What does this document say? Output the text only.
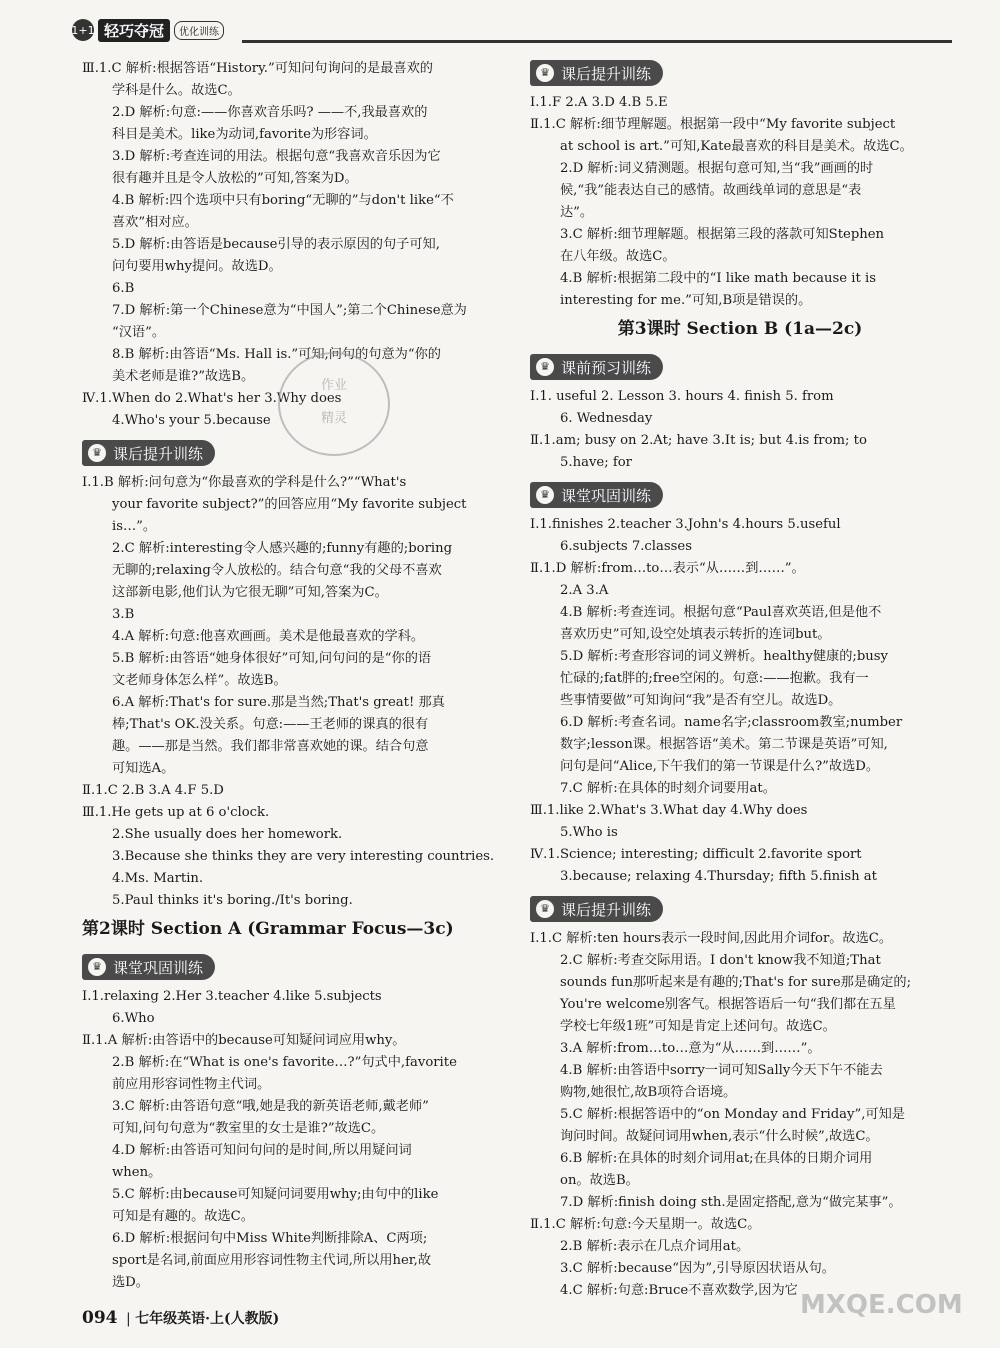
1+1 轻巧夺冠	优化训练
Ⅲ.1.C 解析:根据答语“History.”可知问句询问的是最喜欢的
学科是什么。故选C。
2.D 解析:句意:——你喜欢音乐吗? ——不,我最喜欢的
科目是美术。like为动词,favorite为形容词。
3.D 解析:考查连词的用法。根据句意“我喜欢音乐因为它
很有趣并且是令人放松的”可知,答案为D。
4.B 解析:四个选项中只有boring“无聊的”与don't like“不
喜欢”相对应。
5.D 解析:由答语是because引导的表示原因的句子可知,
问句要用why提问。故选D。
6.B
7.D 解析:第一个Chinese意为“中国人”;第二个Chinese意为
“汉语”。
8.B 解析:由答语“Ms. Hall is.”可知,问句的句意为“你的
美术老师是谁?”故选B。
Ⅳ.1.When do 2.What's her 3.Why does
4.Who's your 5.because
♛ 课后提升训练
Ⅰ.1.B 解析:问句意为“你最喜欢的学科是什么?”“What's
your favorite subject?”的回答应用“My favorite subject
is…”。
2.C 解析:interesting令人感兴趣的;funny有趣的;boring
无聊的;relaxing令人放松的。结合句意“我的父母不喜欢
这部新电影,他们认为它很无聊”可知,答案为C。
3.B
4.A 解析:句意:他喜欢画画。美术是他最喜欢的学科。
5.B 解析:由答语“她身体很好”可知,问句问的是“你的语
文老师身体怎么样”。故选B。
6.A 解析:That's for sure.那是当然;That's great! 那真
棒;That's OK.没关系。句意:——王老师的课真的很有
趣。——那是当然。我们都非常喜欢她的课。结合句意
可知选A。
Ⅱ.1.C 2.B 3.A 4.F 5.D
Ⅲ.1.He gets up at 6 o'clock.
2.She usually does her homework.
3.Because she thinks they are very interesting countries.
4.Ms. Martin.
5.Paul thinks it's boring./It's boring.
第2课时 Section A (Grammar Focus—3c)
♛ 课堂巩固训练
Ⅰ.1.relaxing 2.Her 3.teacher 4.like 5.subjects
6.Who
Ⅱ.1.A 解析:由答语中的because可知疑问词应用why。
2.B 解析:在“What is one's favorite…?”句式中,favorite
前应用形容词性物主代词。
3.C 解析:由答语句意“哦,她是我的新英语老师,戴老师”
可知,问句句意为“教室里的女士是谁?”故选C。
4.D 解析:由答语可知问句问的是时间,所以用疑问词
when。
5.C 解析:由because可知疑问词要用why;由句中的like
可知是有趣的。故选C。
6.D 解析:根据问句中Miss White判断排除A、C两项;
sport是名词,前面应用形容词性物主代词,所以用her,故
选D。
作业
精灵
♛ 课后提升训练
Ⅰ.1.F 2.A 3.D 4.B 5.E
Ⅱ.1.C 解析:细节理解题。根据第一段中“My favorite subject
at school is art.”可知,Kate最喜欢的科目是美术。故选C。
2.D 解析:词义猜测题。根据句意可知,当“我”画画的时
候,“我”能表达自己的感情。故画线单词的意思是“表
达”。
3.C 解析:细节理解题。根据第三段的落款可知Stephen
在八年级。故选C。
4.B 解析:根据第二段中的“I like math because it is
interesting for me.”可知,B项是错误的。
第3课时 Section B (1a—2c)
♛ 课前预习训练
Ⅰ.1. useful 2. Lesson 3. hours 4. finish 5. from
6. Wednesday
Ⅱ.1.am; busy on 2.At; have 3.It is; but 4.is from; to
5.have; for
♛ 课堂巩固训练
Ⅰ.1.finishes 2.teacher 3.John's 4.hours 5.useful
6.subjects 7.classes
Ⅱ.1.D 解析:from…to…表示“从……到……”。
2.A 3.A
4.B 解析:考查连词。根据句意“Paul喜欢英语,但是他不
喜欢历史”可知,设空处填表示转折的连词but。
5.D 解析:考查形容词的词义辨析。healthy健康的;busy
忙碌的;fat胖的;free空闲的。句意:——抱歉。我有一
些事情要做”可知询问“我”是否有空儿。故选D。
6.D 解析:考查名词。name名字;classroom教室;number
数字;lesson课。根据答语“美术。第二节课是英语”可知,
问句是问“Alice,下午我们的第一节课是什么?”故选D。
7.C 解析:在具体的时刻介词要用at。
Ⅲ.1.like 2.What's 3.What day 4.Why does
5.Who is
Ⅳ.1.Science; interesting; difficult 2.favorite sport
3.because; relaxing 4.Thursday; fifth 5.finish at
♛ 课后提升训练
Ⅰ.1.C 解析:ten hours表示一段时间,因此用介词for。故选C。
2.C 解析:考查交际用语。I don't know我不知道;That
sounds fun那听起来是有趣的;That's for sure那是确定的;
You're welcome别客气。根据答语后一句“我们都在五星
学校七年级1班”可知是肯定上述问句。故选C。
3.A 解析:from…to…意为“从……到……”。
4.B 解析:由答语中sorry一词可知Sally今天下午不能去
购物,她很忙,故B项符合语境。
5.C 解析:根据答语中的“on Monday and Friday”,可知是
询问时间。故疑问词用when,表示“什么时候”,故选C。
6.B 解析:在具体的时刻介词用at;在具体的日期介词用
on。故选B。
7.D 解析:finish doing sth.是固定搭配,意为“做完某事”。
Ⅱ.1.C 解析:句意:今天星期一。故选C。
2.B 解析:表示在几点介词用at。
3.C 解析:because“因为”,引导原因状语从句。
4.C 解析:句意:Bruce不喜欢数学,因为它
094 | 七年级英语·上(人教版)	MXQE.COM
